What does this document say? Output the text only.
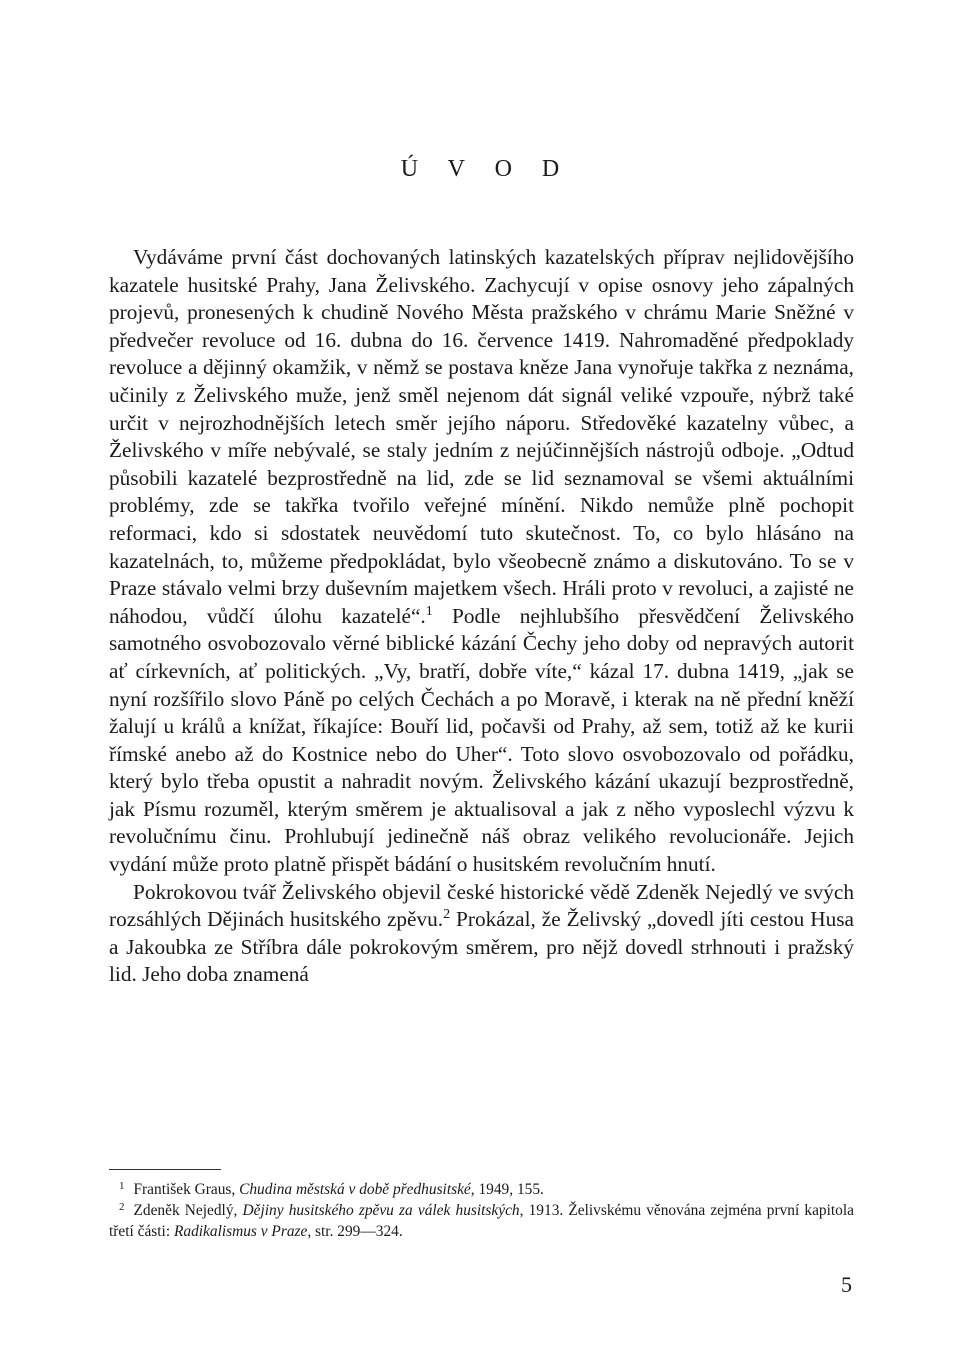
Ú V O D

Vydáváme první část dochovaných latinských kazatelských příprav nejlidovějšího kazatele husitské Prahy, Jana Želivského. Zachycují v opise osnovy jeho zápalných projevů, pronesených k chudině Nového Města pražského v chrámu Marie Sněžné v předvečer revoluce od 16. dubna do 16. července 1419. Nahromaděné předpoklady revoluce a dějinný okamžik, v němž se postava kněze Jana vynořuje takřka z neznáma, učinily z Želivského muže, jenž směl nejenom dát signál veliké vzpouře, nýbrž také určit v nejrozhodnějších letech směr jejího náporu. Středověké kazatelny vůbec, a Želivského v míře nebývalé, se staly jedním z nejúčinnějších nástrojů odboje. „Odtud působili kazatelé bezprostředně na lid, zde se lid seznamoval se všemi aktuálními problémy, zde se takřka tvořilo veřejné mínění. Nikdo nemůže plně pochopit reformaci, kdo si sdostatek neuvědomí tuto skutečnost. To, co bylo hlásáno na kazatelnách, to, můžeme předpokládat, bylo všeobecně známo a diskutováno. To se v Praze stávalo velmi brzy duševním majetkem všech. Hráli proto v revoluci, a zajisté ne náhodou, vůdčí úlohu kazatelé“.$^1$ Podle nejhlubšího přesvědčení Želivského samotného osvobozovalo věrné biblické kázání Čechy jeho doby od nepravých autorit ať církevních, ať politických. „Vy, bratří, dobře víte,“ kázal 17. dubna 1419, „jak se nyní rozšířilo slovo Páně po celých Čechách a po Moravě, i kterak na ně přední kněží žalují u králů a knížat, říkajíce: Bouří lid, počavši od Prahy, až sem, totiž až ke kurii římské anebo až do Kostnice nebo do Uher“. Toto slovo osvobozovalo od pořádku, který bylo třeba opustit a nahradit novým. Želivského kázání ukazují bezprostředně, jak Písmu rozuměl, kterým směrem je aktualisoval a jak z něho vyposlechl výzvu k revolučnímu činu. Prohlubují jedinečně náš obraz velikého revolucionáře. Jejich vydání může proto platně přispět bádání o husitském revolučním hnutí.

Pokrokovou tvář Želivského objevil české historické vědě Zdeněk Nejedlý ve svých rozsáhlých Dějinách husitského zpěvu.$^2$ Prokázal, že Želivský „dovedl jíti cestou Husa a Jakoubka ze Stříbra dále pokrokovým směrem, pro nějž dovedl strhnouti i pražský lid. Jeho doba znamená

$^1$ František Graus, Chudina městská v době předhusitské, 1949, 155.

$^2$ Zdeněk Nejedlý, Dějiny husitského zpěvu za válek husitských, 1913. Želivskému věnována zejména první kapitola třetí části: Radikalismus v Praze, str. 299—324.

5
